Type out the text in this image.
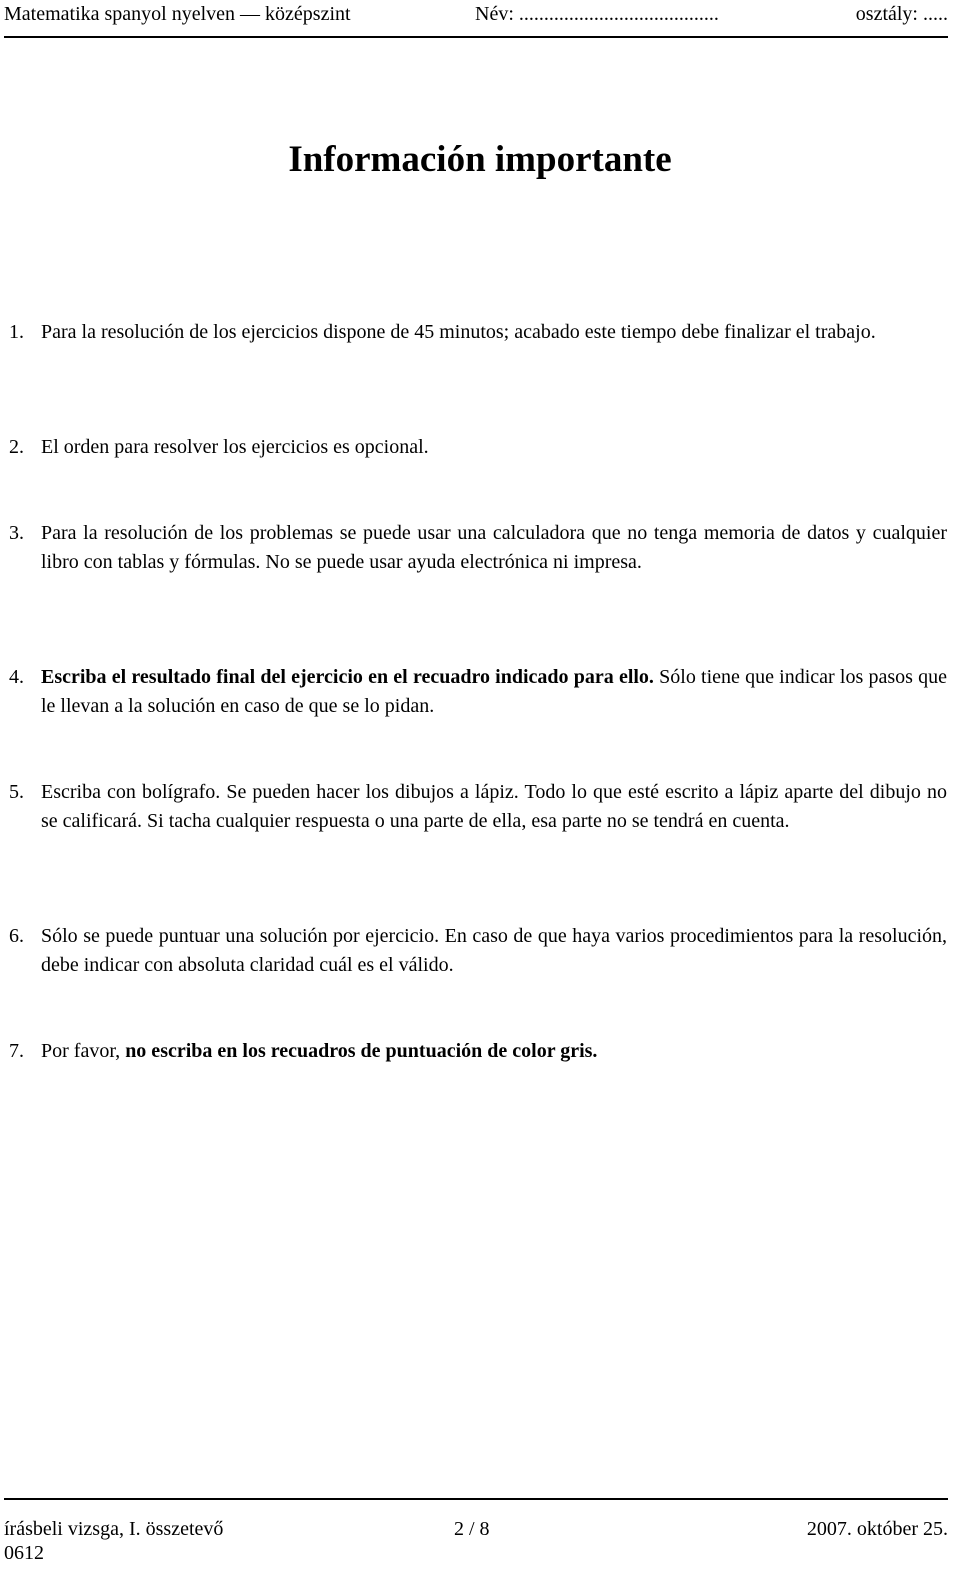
Matematika spanyol nyelven — középszint	Név: ........................................	osztály: .....
Información importante
1. Para la resolución de los ejercicios dispone de 45 minutos; acabado este tiempo debe finalizar el trabajo.
2. El orden para resolver los ejercicios es opcional.
3. Para la resolución de los problemas se puede usar una calculadora que no tenga memoria de datos y cualquier libro con tablas y fórmulas. No se puede usar ayuda electrónica ni impresa.
4. Escriba el resultado final del ejercicio en el recuadro indicado para ello. Sólo tiene que indicar los pasos que le llevan a la solución en caso de que se lo pidan.
5. Escriba con bolígrafo. Se pueden hacer los dibujos a lápiz. Todo lo que esté escrito a lápiz aparte del dibujo no se calificará. Si tacha cualquier respuesta o una parte de ella, esa parte no se tendrá en cuenta.
6. Sólo se puede puntuar una solución por ejercicio. En caso de que haya varios procedimientos para la resolución, debe indicar con absoluta claridad cuál es el válido.
7. Por favor, no escriba en los recuadros de puntuación de color gris.
írásbeli vizsga, I. összetevő	2 / 8	2007. október 25.
0612
